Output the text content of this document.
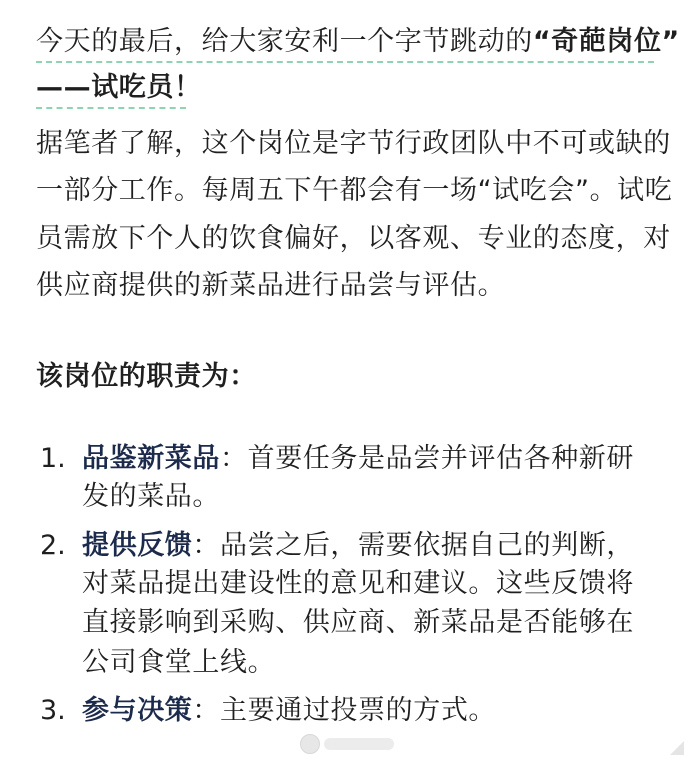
今天的最后，给大家安利一个字节跳动的“奇葩岗位”
——试吃员！
据笔者了解，这个岗位是字节行政团队中不可或缺的
一部分工作。每周五下午都会有一场“试吃会”。试吃
员需放下个人的饮食偏好，以客观、专业的态度，对
供应商提供的新菜品进行品尝与评估。
该岗位的职责为：
1. 品鉴新菜品：首要任务是品尝并评估各种新研
发的菜品。
2. 提供反馈：品尝之后，需要依据自己的判断，
对菜品提出建设性的意见和建议。这些反馈将
直接影响到采购、供应商、新菜品是否能够在
公司食堂上线。
3. 参与决策：主要通过投票的方式。
